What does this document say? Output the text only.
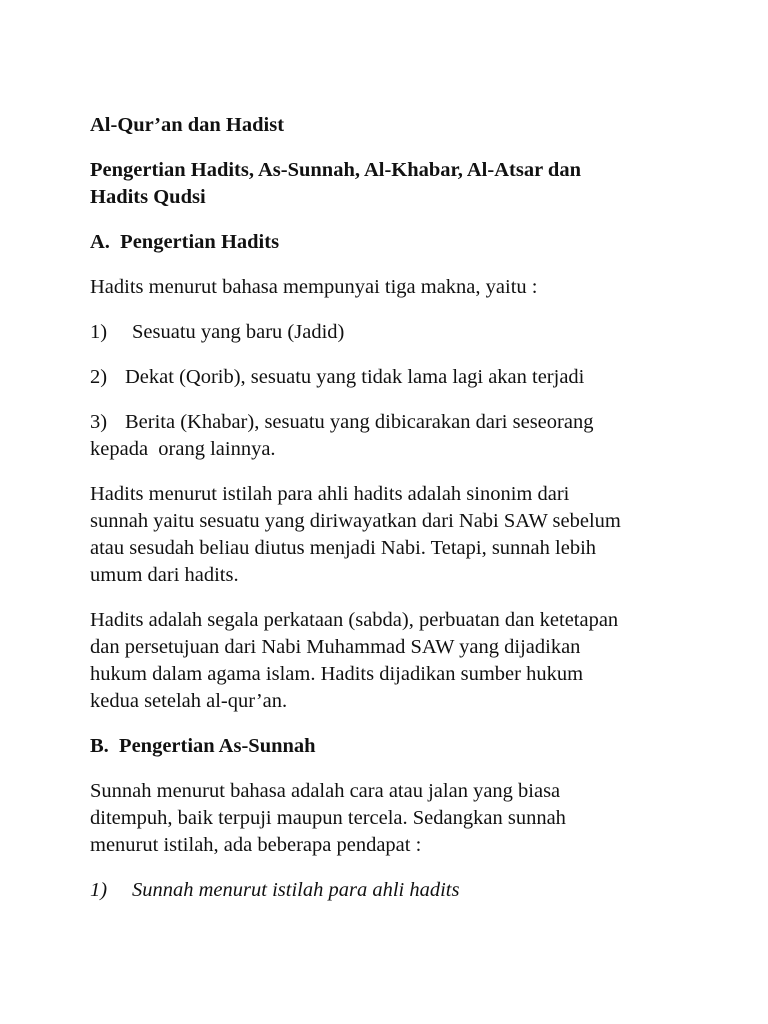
Al-Qur’an dan Hadist
Pengertian Hadits, As-Sunnah, Al-Khabar, Al-Atsar dan
Hadits Qudsi
A.  Pengertian Hadits
Hadits menurut bahasa mempunyai tiga makna, yaitu :
1) Sesuatu yang baru (Jadid)
2) Dekat (Qorib), sesuatu yang tidak lama lagi akan terjadi
3) Berita (Khabar), sesuatu yang dibicarakan dari seseorang
kepada  orang lainnya.
Hadits menurut istilah para ahli hadits adalah sinonim dari
sunnah yaitu sesuatu yang diriwayatkan dari Nabi SAW sebelum
atau sesudah beliau diutus menjadi Nabi. Tetapi, sunnah lebih
umum dari hadits.
Hadits adalah segala perkataan (sabda), perbuatan dan ketetapan
dan persetujuan dari Nabi Muhammad SAW yang dijadikan
hukum dalam agama islam. Hadits dijadikan sumber hukum
kedua setelah al-qur’an.
B.  Pengertian As-Sunnah
Sunnah menurut bahasa adalah cara atau jalan yang biasa
ditempuh, baik terpuji maupun tercela. Sedangkan sunnah
menurut istilah, ada beberapa pendapat :
1) Sunnah menurut istilah para ahli hadits
